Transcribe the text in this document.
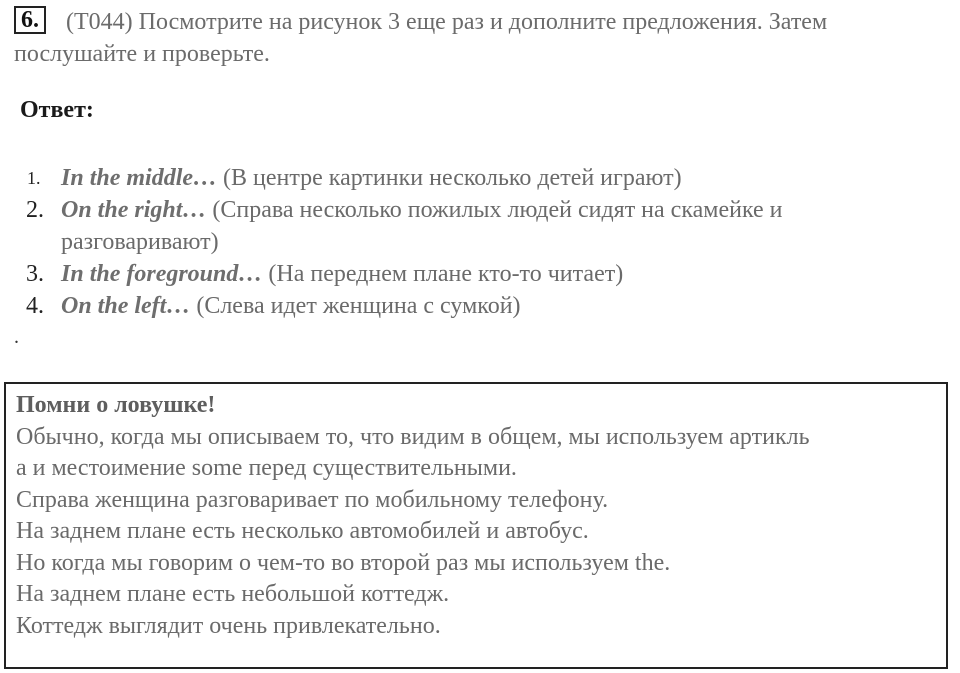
6. (T044) Посмотрите на рисунок 3 еще раз и дополните предложения. Затем
послушайте и проверьте.
Ответ:
1. In the middle… (В центре картинки несколько детей играют)
2. On the right… (Справа несколько пожилых людей сидят на скамейке и разговаривают)
3. In the foreground… (На переднем плане кто-то читает)
4. On the left… (Слева идет женщина с сумкой)
.
Помни о ловушке!
Обычно, когда мы описываем то, что видим в общем, мы используем артикль
a и местоимение some перед существительными.
Справа женщина разговаривает по мобильному телефону.
На заднем плане есть несколько автомобилей и автобус.
Но когда мы говорим о чем-то во второй раз мы используем the.
На заднем плане есть небольшой коттедж.
Коттедж выглядит очень привлекательно.
